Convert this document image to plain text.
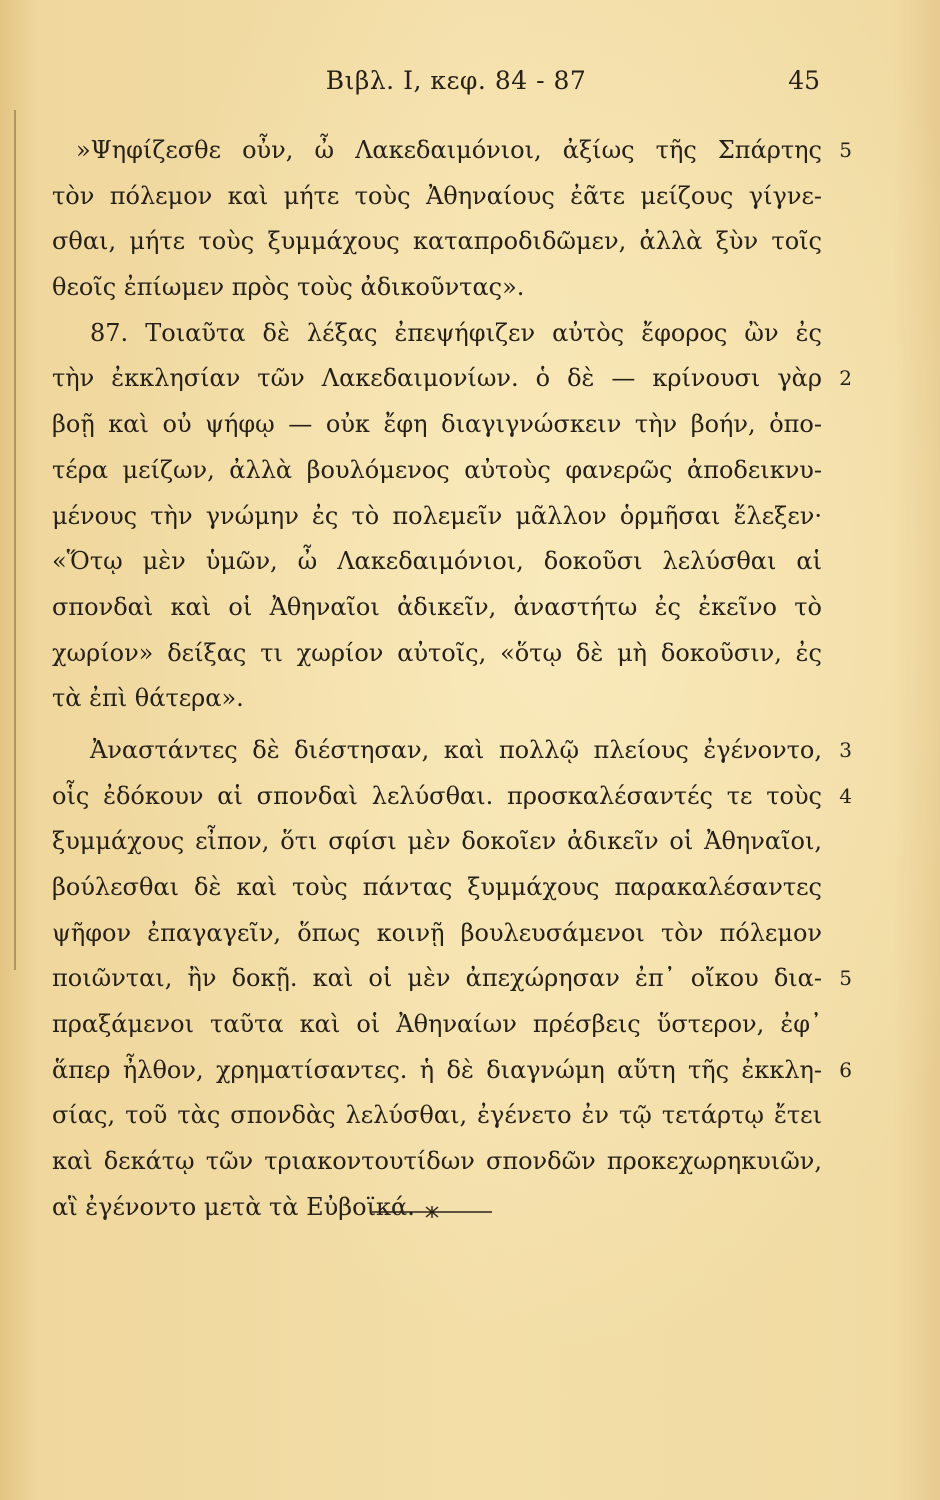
Βιβλ. Ι, κεφ. 84 - 87	45
»Ψηφίζεσθε οὖν, ὦ Λακεδαιμόνιοι, ἀξίως τῆς Σπάρτης 5
τὸν πόλεμον καὶ μήτε τοὺς Ἀθηναίους ἐᾶτε μείζους γίγνε-
σθαι, μήτε τοὺς ξυμμάχους καταπροδιδῶμεν, ἀλλὰ ξὺν τοῖς
θεοῖς ἐπίωμεν πρὸς τοὺς ἀδικοῦντας».
87. Τοιαῦτα δὲ λέξας ἐπεψήφιζεν αὐτὸς ἔφορος ὢν ἐς
τὴν ἐκκλησίαν τῶν Λακεδαιμονίων. ὁ δὲ — κρίνουσι γὰρ 2
βοῇ καὶ οὐ ψήφῳ — οὐκ ἔφη διαγιγνώσκειν τὴν βοήν, ὁπο-
τέρα μείζων, ἀλλὰ βουλόμενος αὐτοὺς φανερῶς ἀποδεικνυ-
μένους τὴν γνώμην ἐς τὸ πολεμεῖν μᾶλλον ὁρμῆσαι ἔλεξεν·
«Ὅτῳ μὲν ὑμῶν, ὦ Λακεδαιμόνιοι, δοκοῦσι λελύσθαι αἱ
σπονδαὶ καὶ οἱ Ἀθηναῖοι ἀδικεῖν, ἀναστήτω ἐς ἐκεῖνο τὸ
χωρίον» δείξας τι χωρίον αὐτοῖς, «ὅτῳ δὲ μὴ δοκοῦσιν, ἐς
τὰ ἐπὶ θάτερα».
Ἀναστάντες δὲ διέστησαν, καὶ πολλῷ πλείους ἐγένοντο, 3
οἷς ἐδόκουν αἱ σπονδαὶ λελύσθαι. προσκαλέσαντές τε τοὺς 4
ξυμμάχους εἶπον, ὅτι σφίσι μὲν δοκοῖεν ἀδικεῖν οἱ Ἀθηναῖοι,
βούλεσθαι δὲ καὶ τοὺς πάντας ξυμμάχους παρακαλέσαντες
ψῆφον ἐπαγαγεῖν, ὅπως κοινῇ βουλευσάμενοι τὸν πόλεμον
ποιῶνται, ἢν δοκῇ. καὶ οἱ μὲν ἀπεχώρησαν ἐπ᾽ οἴκου δια- 5
πραξάμενοι ταῦτα καὶ οἱ Ἀθηναίων πρέσβεις ὕστερον, ἐφ᾽
ἅπερ ἦλθον, χρηματίσαντες. ἡ δὲ διαγνώμη αὕτη τῆς ἐκκλη- 6
σίας, τοῦ τὰς σπονδὰς λελύσθαι, ἐγένετο ἐν τῷ τετάρτῳ ἔτει
καὶ δεκάτῳ τῶν τριακοντουτίδων σπονδῶν προκεχωρηκυιῶν,
αἳ ἐγένοντο μετὰ τὰ Εὐβοϊκά.
